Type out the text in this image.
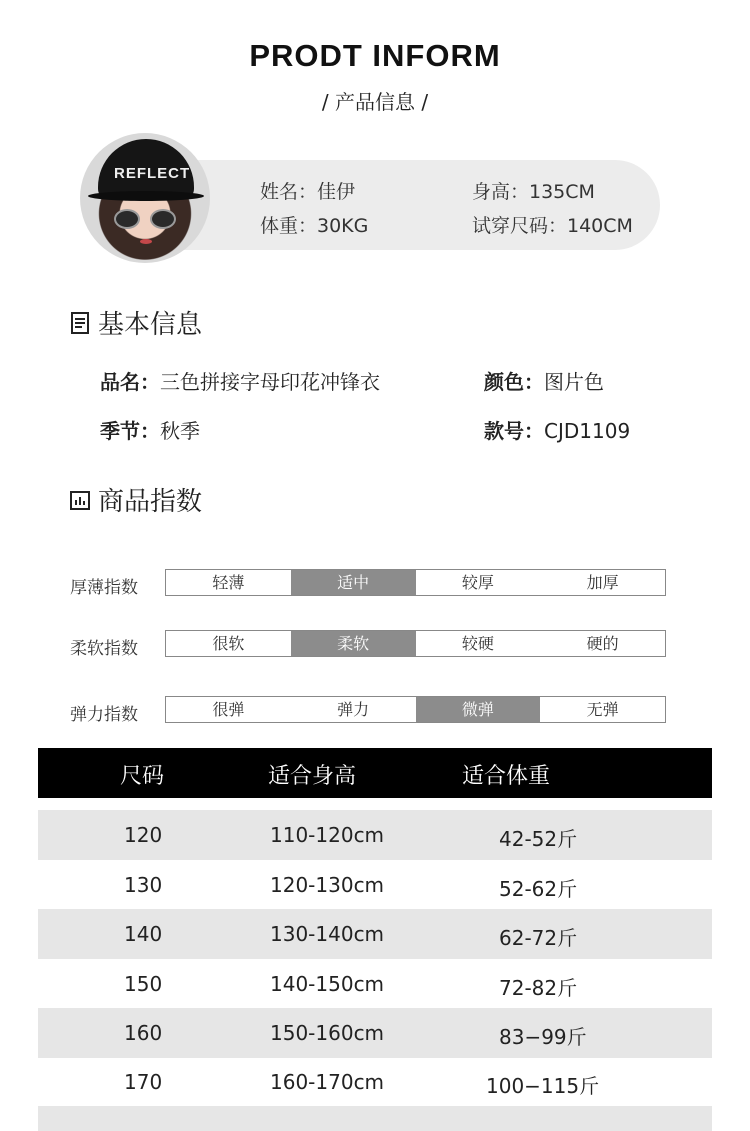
PRODT INFORM
/ 产品信息 /
REFLECT
姓名：佳伊	身高：135CM
体重：30KG	试穿尺码：140CM
基本信息
品名：三色拼接字母印花冲锋衣	颜色：图片色
季节：秋季	款号：CJD1109
商品指数
厚薄指数	轻薄	适中	较厚	加厚
柔软指数	很软	柔软	较硬	硬的
弹力指数	很弹	弹力	微弹	无弹
尺码	适合身高	适合体重
120	110-120cm	42-52斤
130	120-130cm	52-62斤
140	130-140cm	62-72斤
150	140-150cm	72-82斤
160	150-160cm	83−99斤
170	160-170cm	100−115斤
